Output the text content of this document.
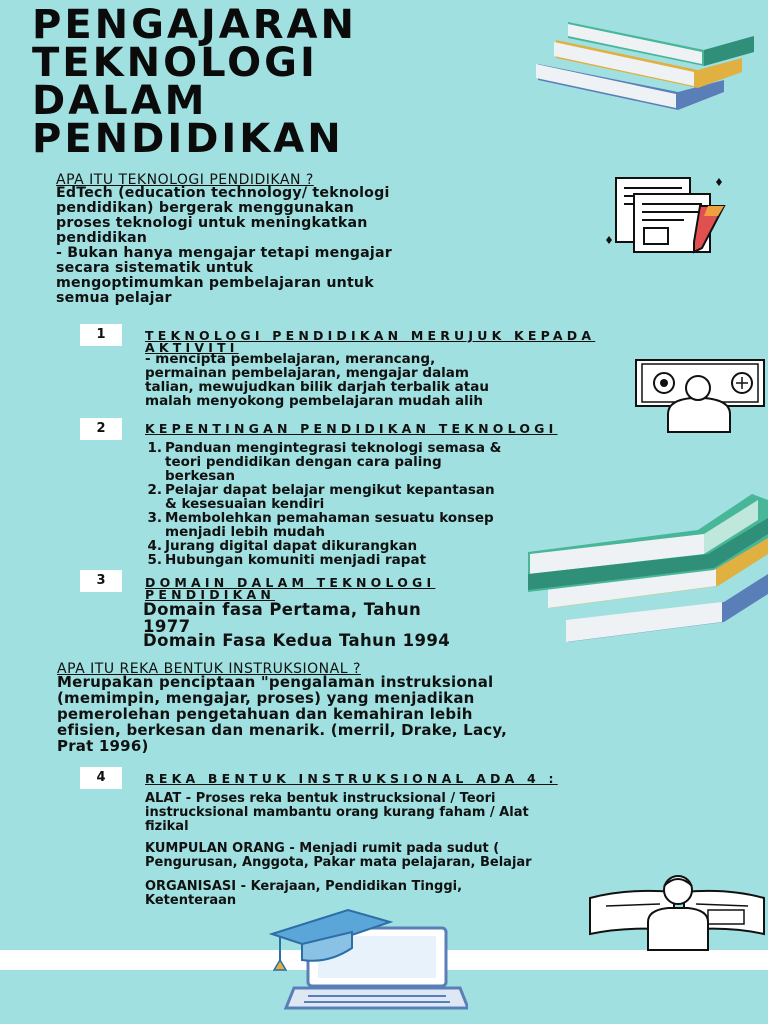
PENGAJARAN
TEKNOLOGI
DALAM
PENDIDIKAN
APA ITU TEKNOLOGI PENDIDIKAN ?
EdTech (education technology/ teknologi
pendidikan) bergerak menggunakan
proses teknologi untuk meningkatkan
pendidikan
- Bukan hanya mengajar tetapi mengajar
secara sistematik untuk
mengoptimumkan pembelajaran untuk
semua pelajar
1	TEKNOLOGI PENDIDIKAN MERUJUK KEPADA
AKTIVITI
- mencipta pembelajaran, merancang,
permainan pembelajaran, mengajar dalam
talian, mewujudkan bilik darjah terbalik atau
malah menyokong pembelajaran mudah alih
2	KEPENTINGAN PENDIDIKAN TEKNOLOGI
1. Panduan mengintegrasi teknologi semasa &
teori pendidikan dengan cara paling
berkesan
2. Pelajar dapat belajar mengikut kepantasan
& kesesuaian kendiri
3. Membolehkan pemahaman sesuatu konsep
menjadi lebih mudah
4. Jurang digital dapat dikurangkan
5. Hubungan komuniti menjadi rapat
3	DOMAIN DALAM TEKNOLOGI
PENDIDIKAN
Domain fasa Pertama, Tahun
1977
Domain Fasa Kedua Tahun 1994
APA ITU REKA BENTUK INSTRUKSIONAL ?
Merupakan penciptaan "pengalaman instruksional
(memimpin, mengajar, proses) yang menjadikan
pemerolehan pengetahuan dan kemahiran lebih
efisien, berkesan dan menarik. (merril, Drake, Lacy,
Prat 1996)
4	REKA BENTUK INSTRUKSIONAL ADA 4 :
ALAT - Proses reka bentuk instrucksional / Teori
instrucksional mambantu orang kurang faham / Alat
fizikal
KUMPULAN ORANG - Menjadi rumit pada sudut (
Pengurusan, Anggota, Pakar mata pelajaran, Belajar
ORGANISASI - Kerajaan, Pendidikan Tinggi,
Ketenteraan
